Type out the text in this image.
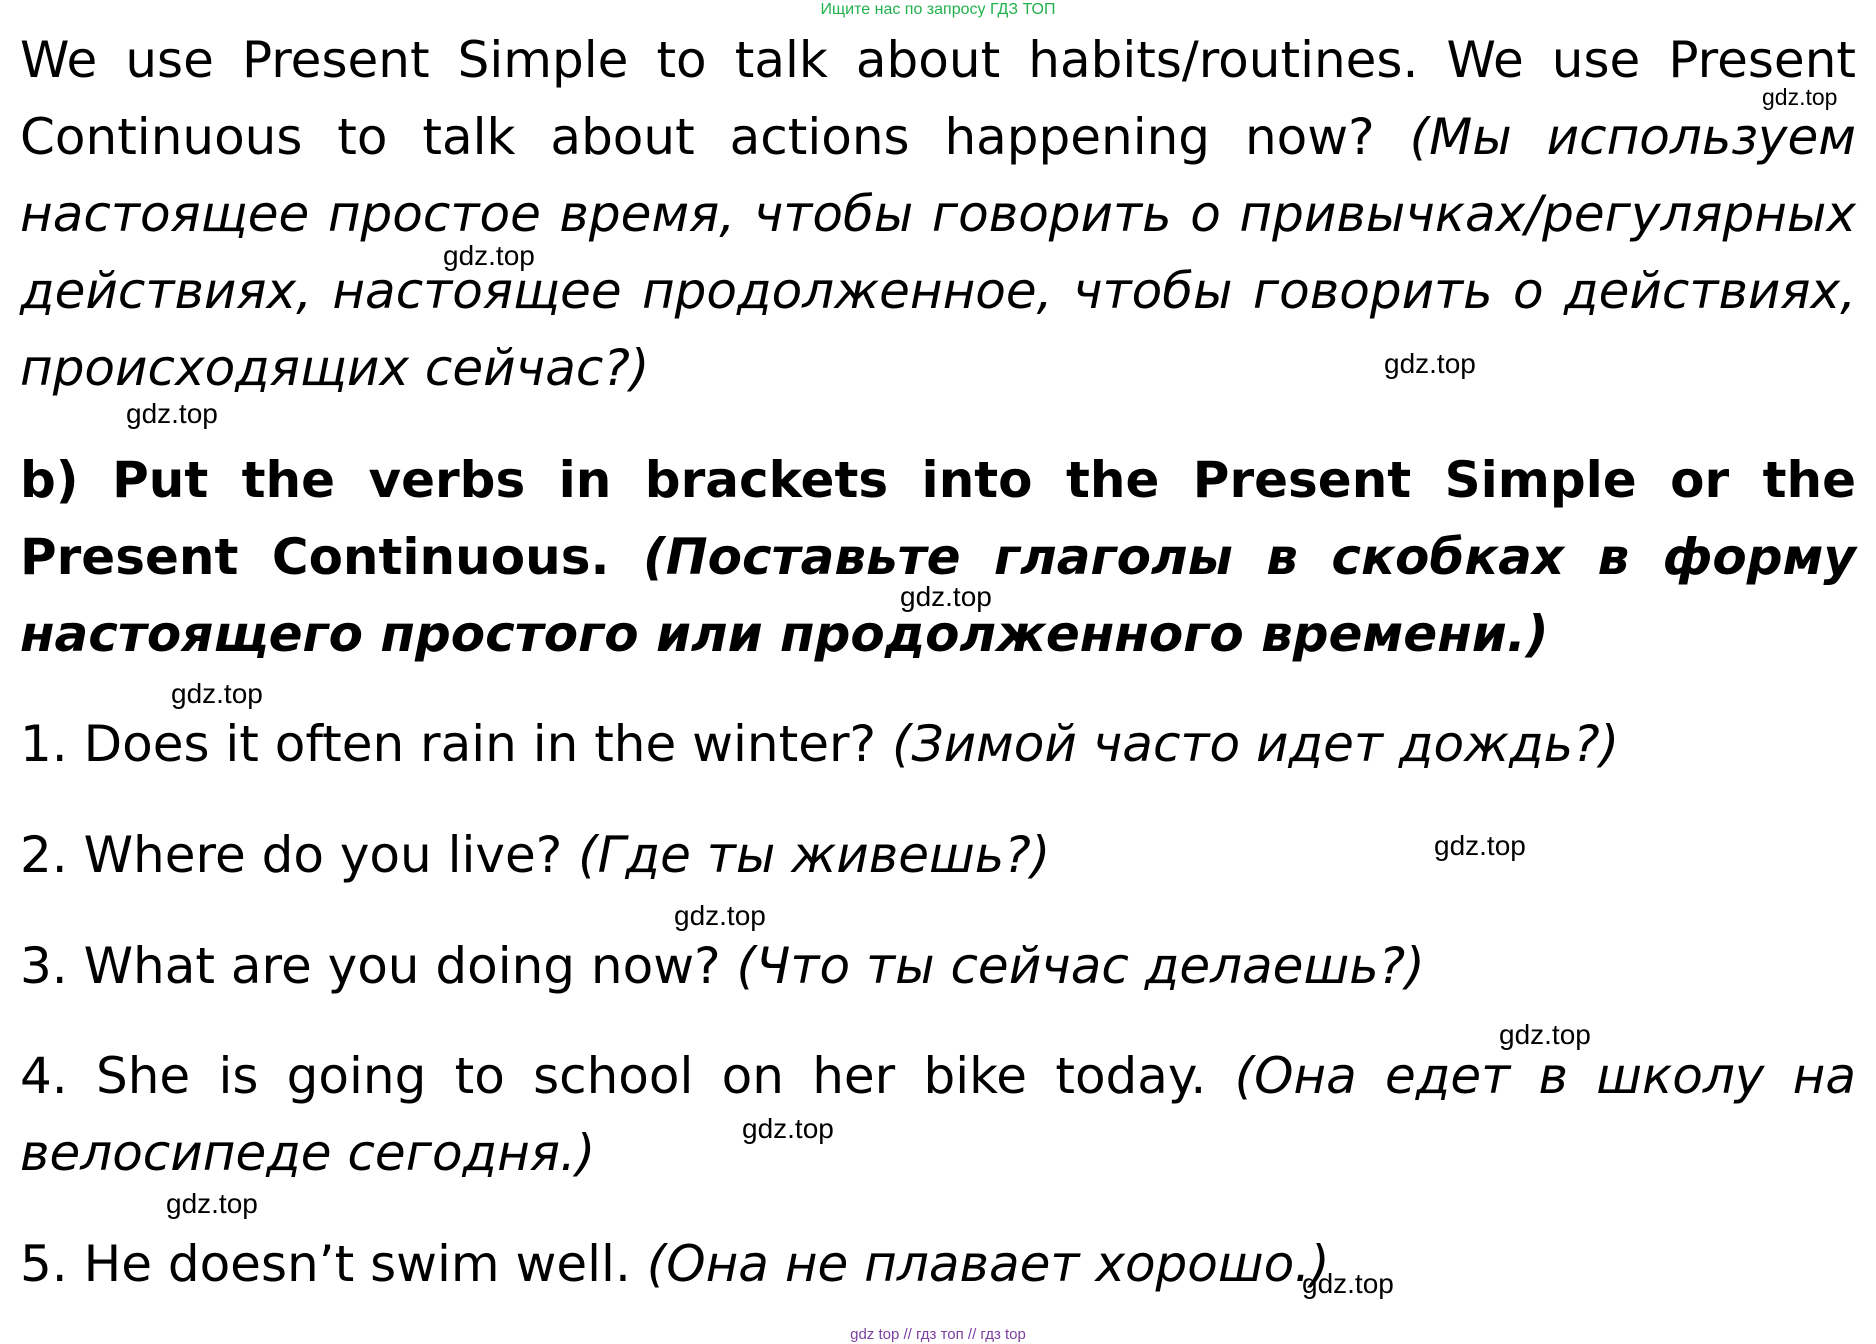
Ищите нас по запросу ГДЗ ТОП

We use Present Simple to talk about habits/routines. We use Present Continuous to talk about actions happening now? (Мы используем настоящее простое время, чтобы говорить о привычках/регулярных действиях, настоящее продолженное, чтобы говорить о действиях, происходящих сейчас?)

b) Put the verbs in brackets into the Present Simple or the Present Continuous. (Поставьте глаголы в скобках в форму настоящего простого или продолженного времени.)

1. Does it often rain in the winter? (Зимой часто идет дождь?)

2. Where do you live? (Где ты живешь?)

3. What are you doing now? (Что ты сейчас делаешь?)

4. She is going to school on her bike today. (Она едет в школу на велосипеде сегодня.)

5. He doesn’t swim well. (Она не плавает хорошо.)

gdz.top
gdz.top
gdz.top
gdz.top
gdz.top
gdz.top
gdz.top
gdz.top
gdz.top
gdz.top
gdz.top
gdz.top
gdz top // гдз топ // гдз top
